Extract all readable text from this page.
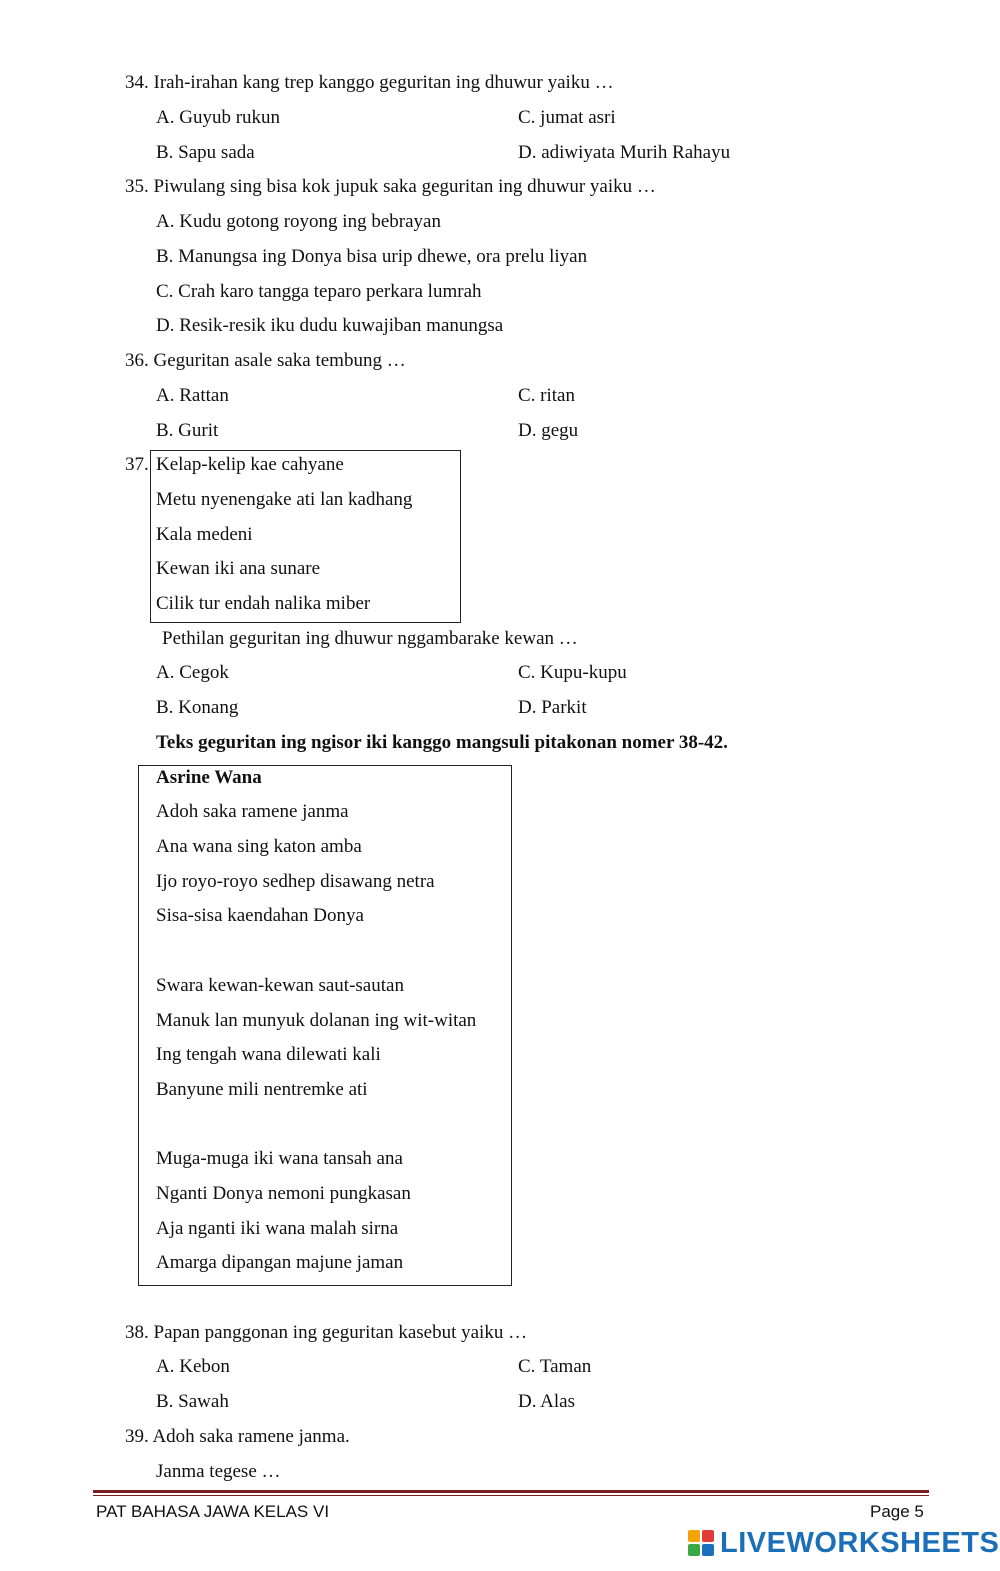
34. Irah-irahan kang trep kanggo geguritan ing dhuwur yaiku …
A. Guyub rukun	C. jumat asri
B. Sapu sada	D. adiwiyata Murih Rahayu
35. Piwulang sing bisa kok jupuk saka geguritan ing dhuwur yaiku …
A. Kudu gotong royong ing bebrayan
B. Manungsa ing Donya bisa urip dhewe, ora prelu liyan
C. Crah karo tangga teparo perkara lumrah
D. Resik-resik iku dudu kuwajiban manungsa
36. Geguritan asale saka tembung …
A. Rattan	C. ritan
B. Gurit	D. gegu
37. Kelap-kelip kae cahyane
Metu nyenengake ati lan kadhang
Kala medeni
Kewan iki ana sunare
Cilik tur endah nalika miber
Pethilan geguritan ing dhuwur nggambarake kewan …
A. Cegok	C. Kupu-kupu
B. Konang	D. Parkit
Teks geguritan ing ngisor iki kanggo mangsuli pitakonan nomer 38-42.
Asrine Wana
Adoh saka ramene janma
Ana wana sing katon amba
Ijo royo-royo sedhep disawang netra
Sisa-sisa kaendahan Donya
Swara kewan-kewan saut-sautan
Manuk lan munyuk dolanan ing wit-witan
Ing tengah wana dilewati kali
Banyune mili nentremke ati
Muga-muga iki wana tansah ana
Nganti Donya nemoni pungkasan
Aja nganti iki wana malah sirna
Amarga dipangan majune jaman
38. Papan panggonan ing geguritan kasebut yaiku …
A. Kebon	C. Taman
B. Sawah	D. Alas
39. Adoh saka ramene janma.
Janma tegese …
PAT BAHASA JAWA KELAS VI	Page 5
LIVEWORKSHEETS
